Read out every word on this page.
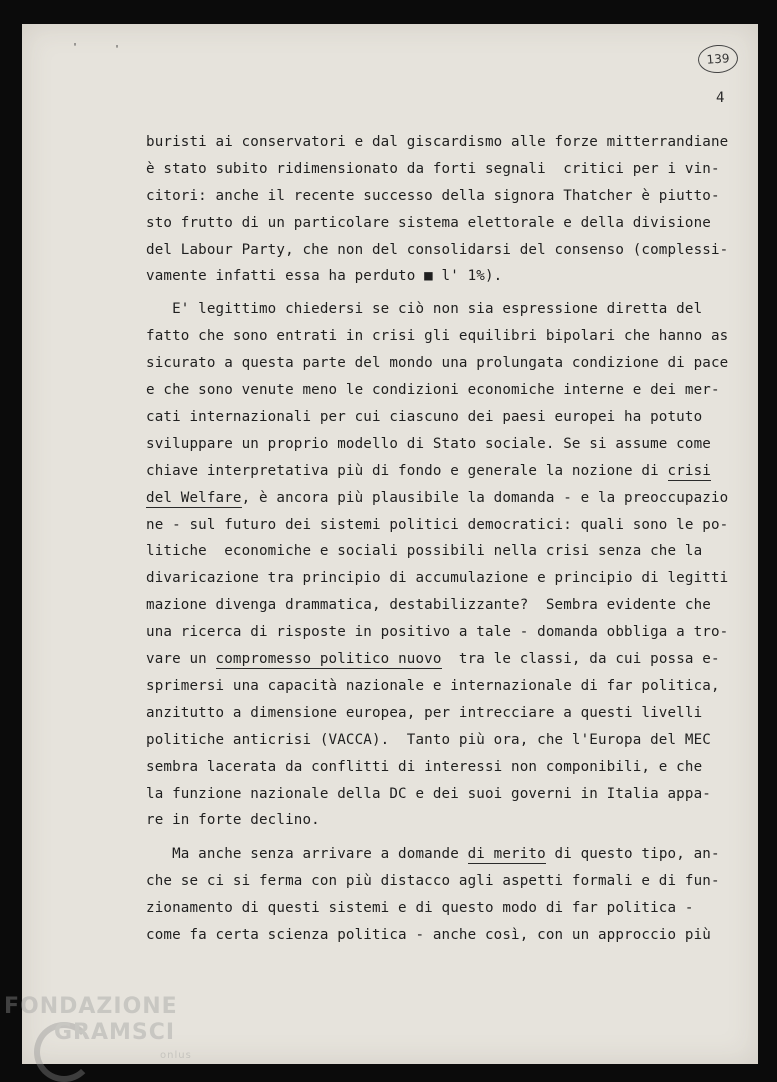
'	'
139
4
buristi ai conservatori e dal giscardismo alle forze mitterrandiane
è stato subito ridimensionato da forti segnali  critici per i vin-
citori: anche il recente successo della signora Thatcher è piutto-
sto frutto di un particolare sistema elettorale e della divisione
del Labour Party, che non del consolidarsi del consenso (complessi-
vamente infatti essa ha perduto ■ l' 1%).
E' legittimo chiedersi se ciò non sia espressione diretta del
fatto che sono entrati in crisi gli equilibri bipolari che hanno as
sicurato a questa parte del mondo una prolungata condizione di pace
e che sono venute meno le condizioni economiche interne e dei mer-
cati internazionali per cui ciascuno dei paesi europei ha potuto
sviluppare un proprio modello di Stato sociale. Se si assume come
chiave interpretativa più di fondo e generale la nozione di crisi
del Welfare, è ancora più plausibile la domanda - e la preoccupazio
ne - sul futuro dei sistemi politici democratici: quali sono le po-
litiche  economiche e sociali possibili nella crisi senza che la
divaricazione tra principio di accumulazione e principio di legitti
mazione divenga drammatica, destabilizzante?  Sembra evidente che
una ricerca di risposte in positivo a tale - domanda obbliga a tro-
vare un compromesso politico nuovo  tra le classi, da cui possa e-
sprimersi una capacità nazionale e internazionale di far politica,
anzitutto a dimensione europea, per intrecciare a questi livelli
politiche anticrisi (VACCA).  Tanto più ora, che l'Europa del MEC
sembra lacerata da conflitti di interessi non componibili, e che
la funzione nazionale della DC e dei suoi governi in Italia appa-
re in forte declino.
Ma anche senza arrivare a domande di merito di questo tipo, an-
che se ci si ferma con più distacco agli aspetti formali e di fun-
zionamento di questi sistemi e di questo modo di far politica -
come fa certa scienza politica - anche così, con un approccio più
FONDAZIONE
GRAMSCI
onlus
